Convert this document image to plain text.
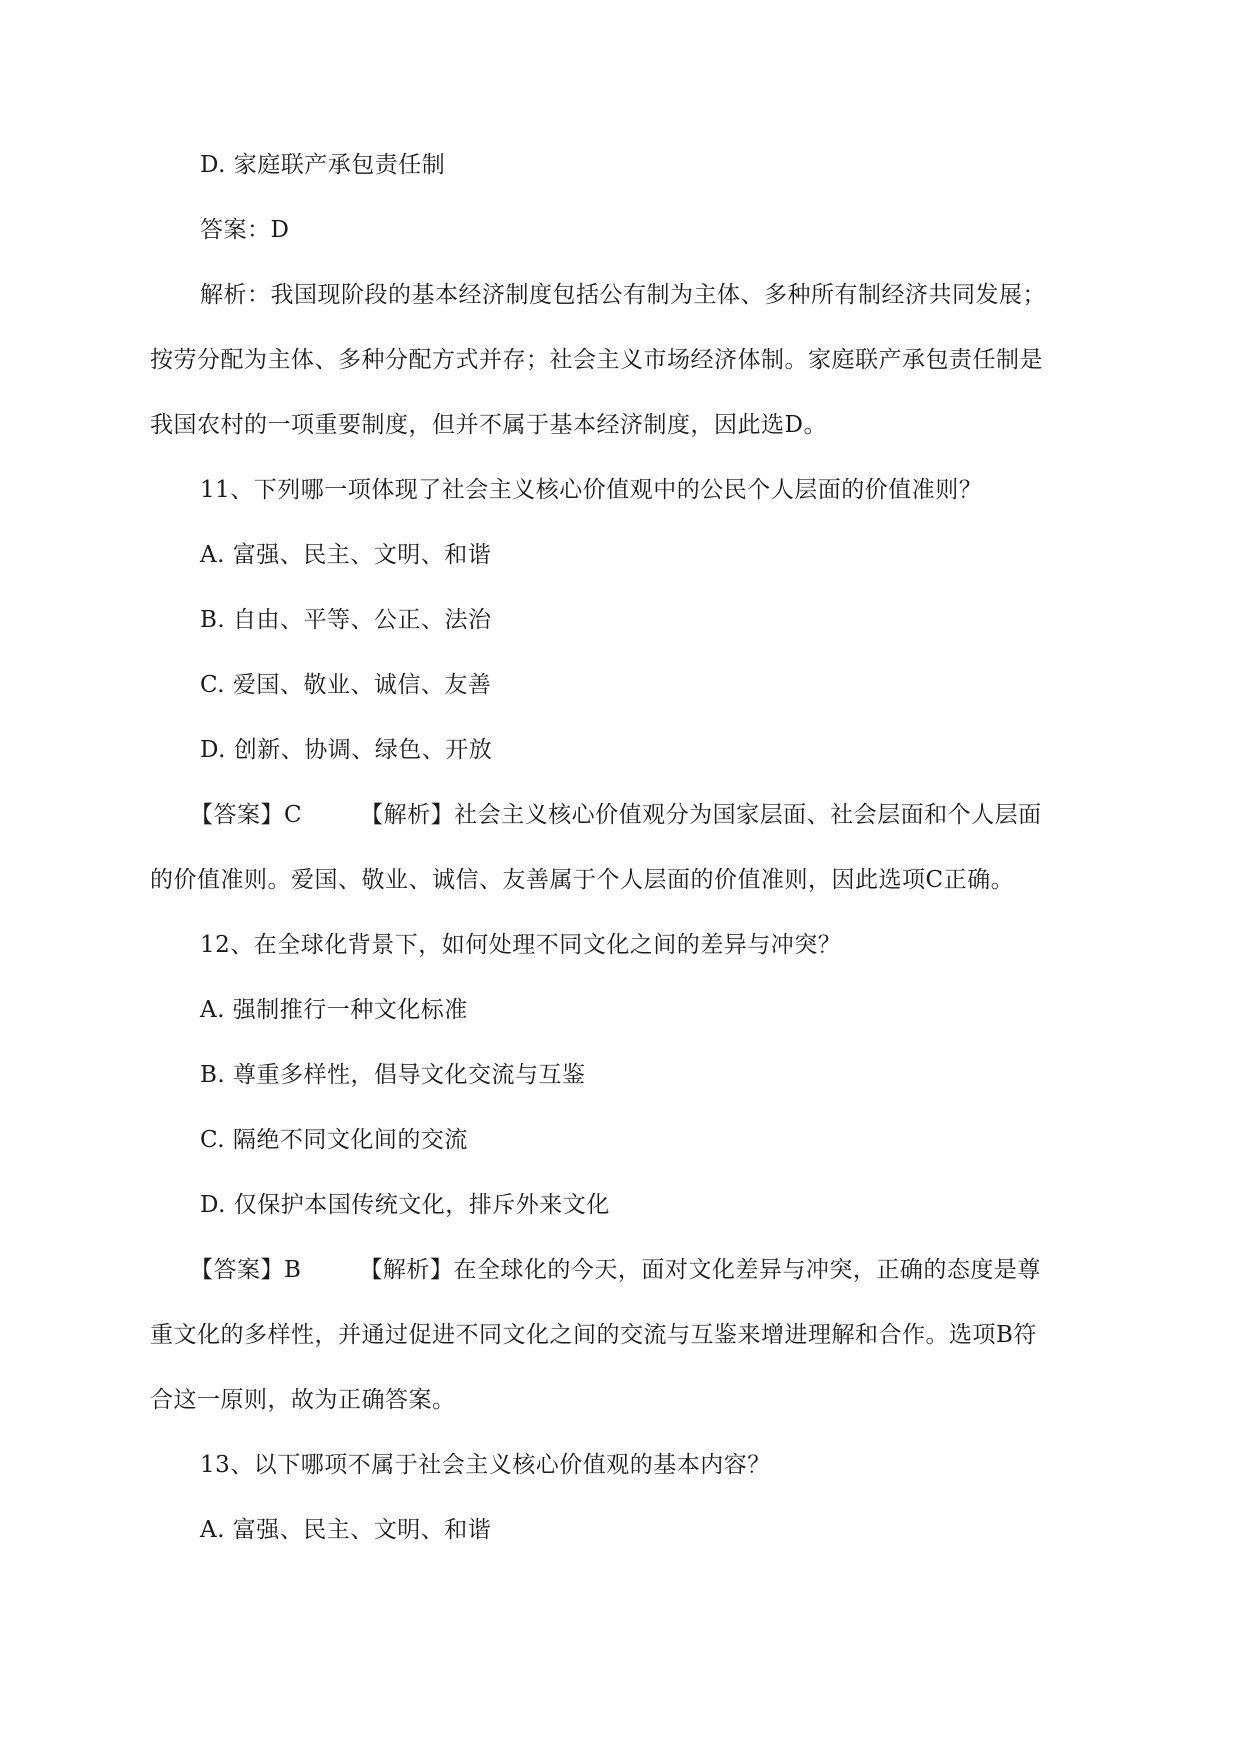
D. 家庭联产承包责任制
答案：D
解析：我国现阶段的基本经济制度包括公有制为主体、多种所有制经济共同发展；
按劳分配为主体、多种分配方式并存；社会主义市场经济体制。家庭联产承包责任制是
我国农村的一项重要制度，但并不属于基本经济制度，因此选D。
11、下列哪一项体现了社会主义核心价值观中的公民个人层面的价值准则？
A. 富强、民主、文明、和谐
B. 自由、平等、公正、法治
C. 爱国、敬业、诚信、友善
D. 创新、协调、绿色、开放
【答案】C	【解析】社会主义核心价值观分为国家层面、社会层面和个人层面
的价值准则。爱国、敬业、诚信、友善属于个人层面的价值准则，因此选项C正确。
12、在全球化背景下，如何处理不同文化之间的差异与冲突？
A. 强制推行一种文化标准
B. 尊重多样性，倡导文化交流与互鉴
C. 隔绝不同文化间的交流
D. 仅保护本国传统文化，排斥外来文化
【答案】B	【解析】在全球化的今天，面对文化差异与冲突，正确的态度是尊
重文化的多样性，并通过促进不同文化之间的交流与互鉴来增进理解和合作。选项B符
合这一原则，故为正确答案。
13、以下哪项不属于社会主义核心价值观的基本内容？
A. 富强、民主、文明、和谐
